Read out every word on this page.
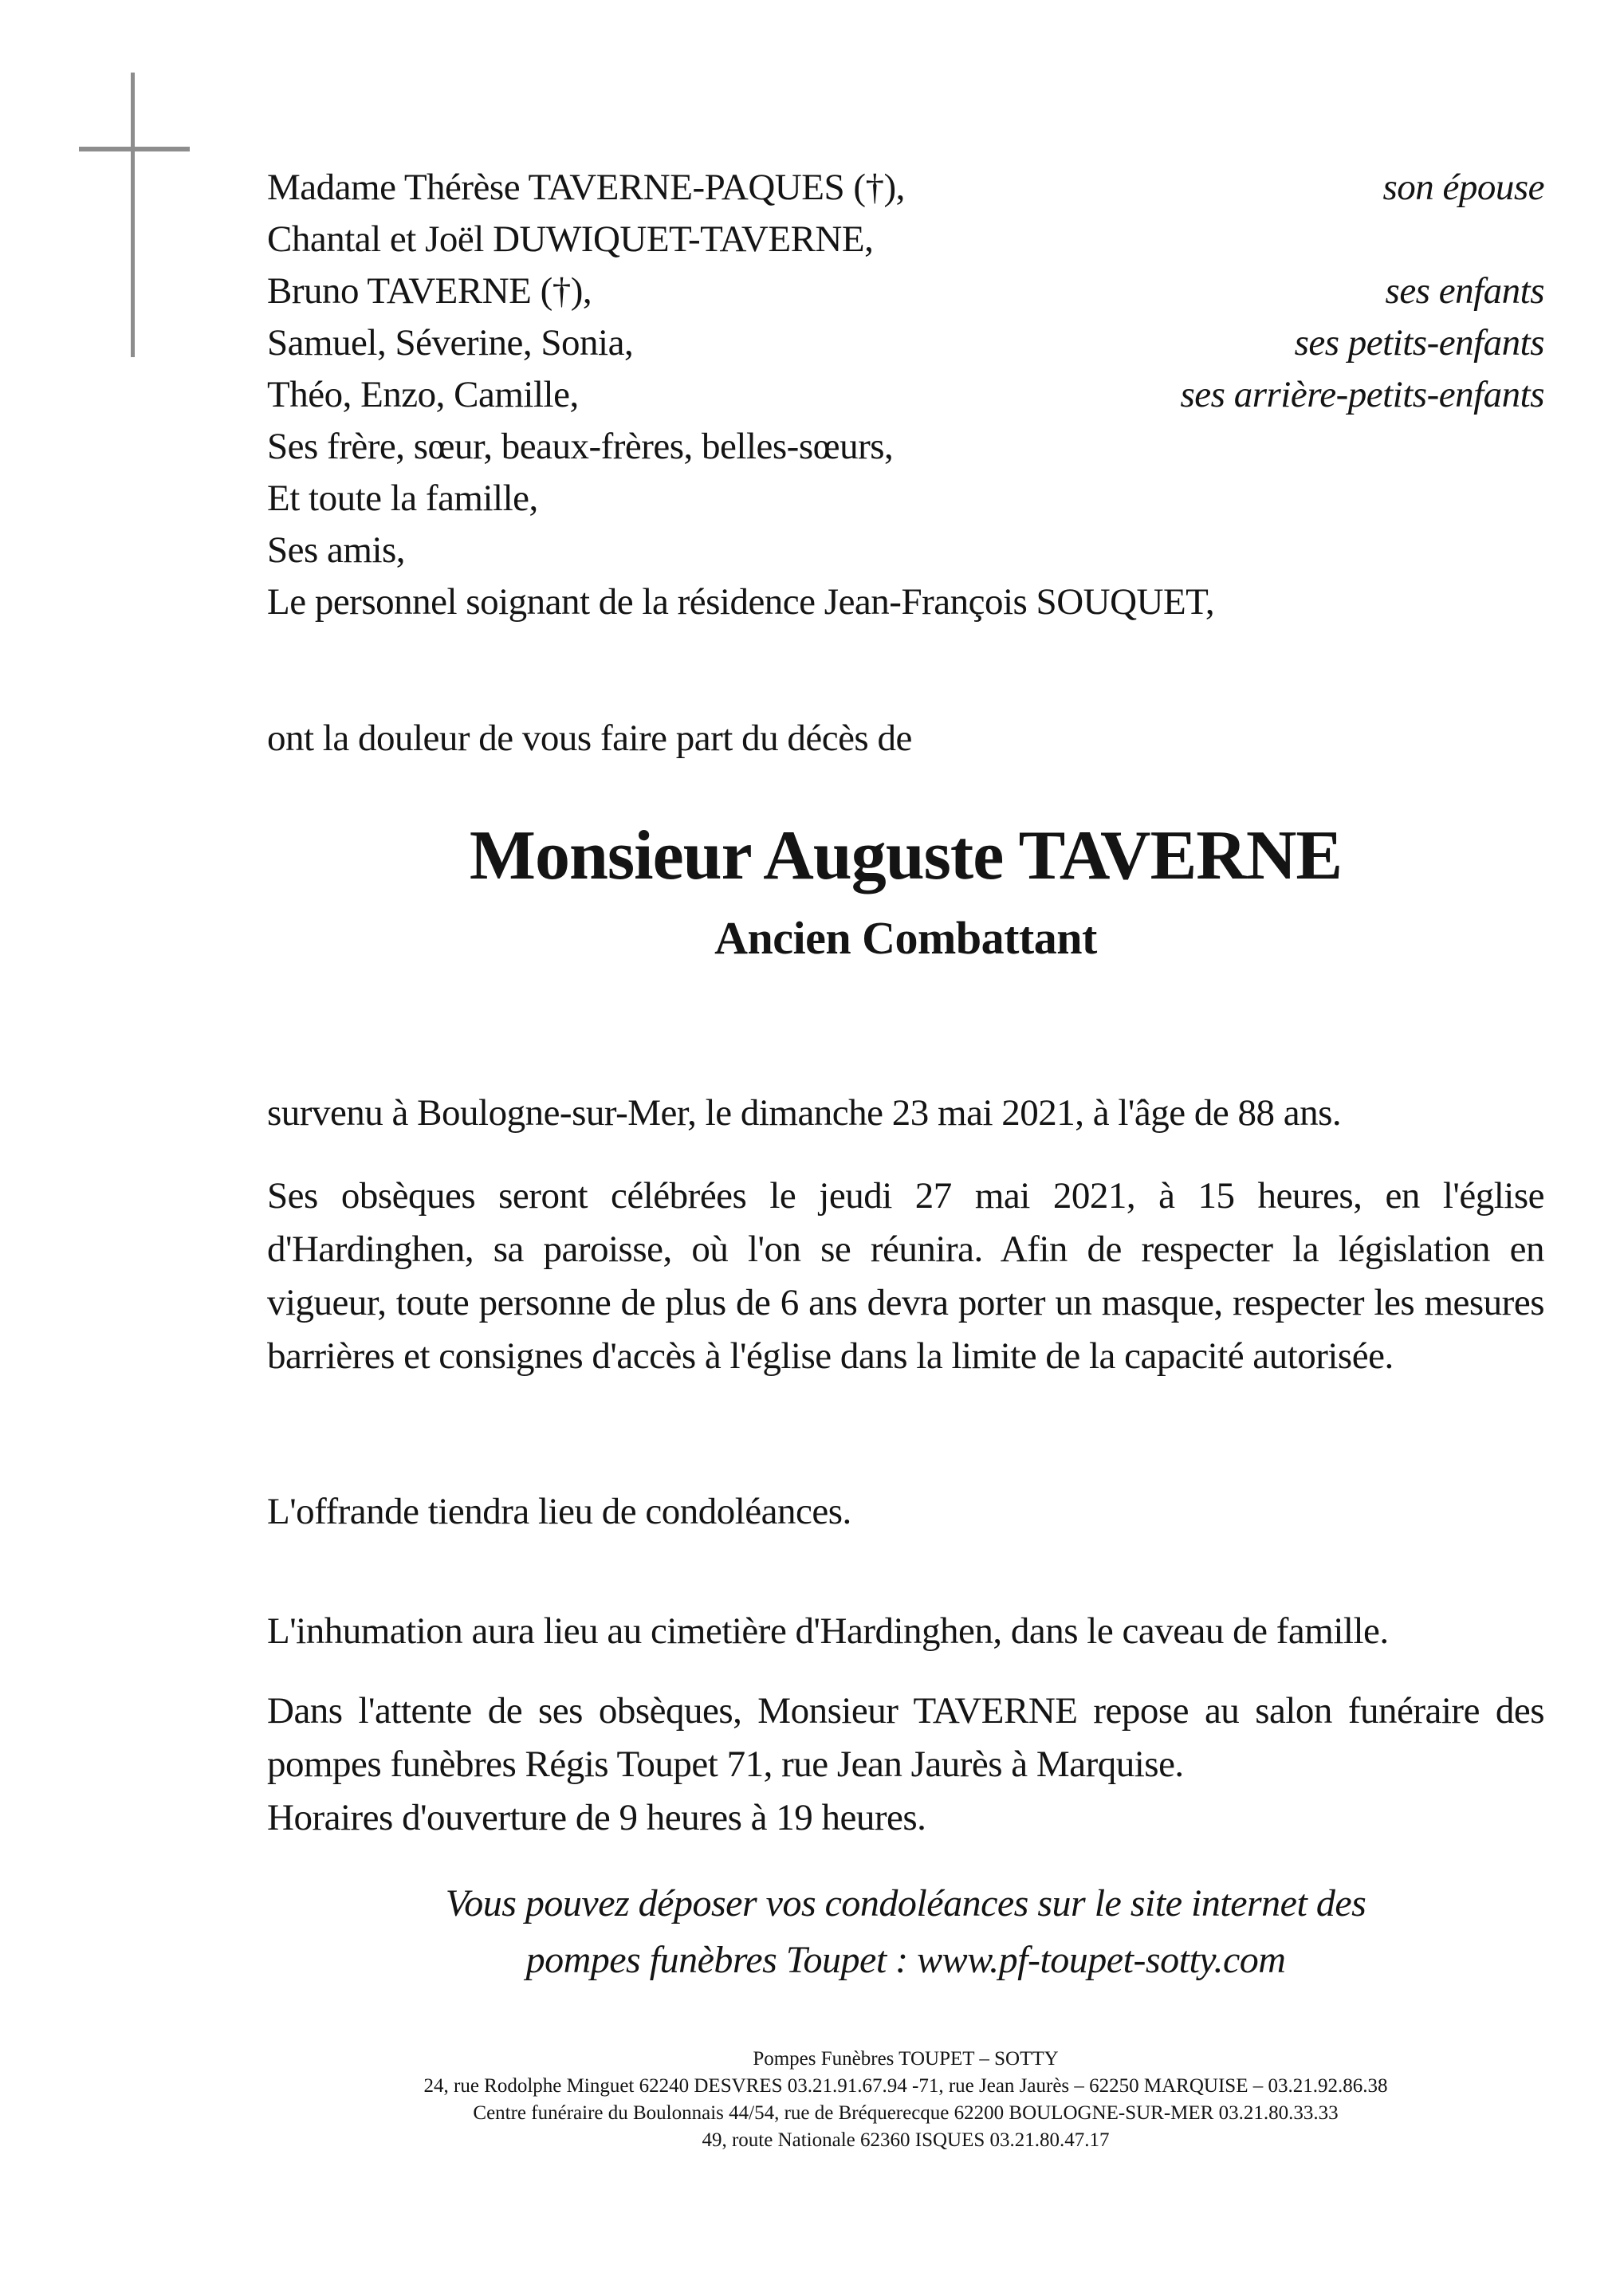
Madame Thérèse TAVERNE-PAQUES (†),	son épouse
Chantal et Joël DUWIQUET-TAVERNE,
Bruno TAVERNE (†),	ses enfants
Samuel, Séverine, Sonia,	ses petits-enfants
Théo, Enzo, Camille,	ses arrière-petits-enfants
Ses frère, sœur, beaux-frères, belles-sœurs,
Et toute la famille,
Ses amis,
Le personnel soignant de la résidence Jean-François SOUQUET,

ont la douleur de vous faire part du décès de

Monsieur Auguste TAVERNE
Ancien Combattant

survenu à Boulogne-sur-Mer, le dimanche 23 mai 2021, à l'âge de 88 ans.

Ses obsèques seront célébrées le jeudi 27 mai 2021, à 15 heures, en l'église d'Hardinghen, sa paroisse, où l'on se réunira. Afin de respecter la législation en vigueur, toute personne de plus de 6 ans devra porter un masque, respecter les mesures barrières et consignes d'accès à l'église dans la limite de la capacité autorisée.

L'offrande tiendra lieu de condoléances.

L'inhumation aura lieu au cimetière d'Hardinghen, dans le caveau de famille.

Dans l'attente de ses obsèques, Monsieur TAVERNE repose au salon funéraire des pompes funèbres Régis Toupet 71, rue Jean Jaurès à Marquise.

Horaires d'ouverture de 9 heures à 19 heures.

Vous pouvez déposer vos condoléances sur le site internet des

pompes funèbres Toupet : www.pf-toupet-sotty.com

Pompes Funèbres TOUPET – SOTTY

24, rue Rodolphe Minguet 62240 DESVRES 03.21.91.67.94 -71, rue Jean Jaurès – 62250 MARQUISE – 03.21.92.86.38

Centre funéraire du Boulonnais 44/54, rue de Bréquerecque 62200 BOULOGNE-SUR-MER 03.21.80.33.33

49, route Nationale 62360 ISQUES 03.21.80.47.17
